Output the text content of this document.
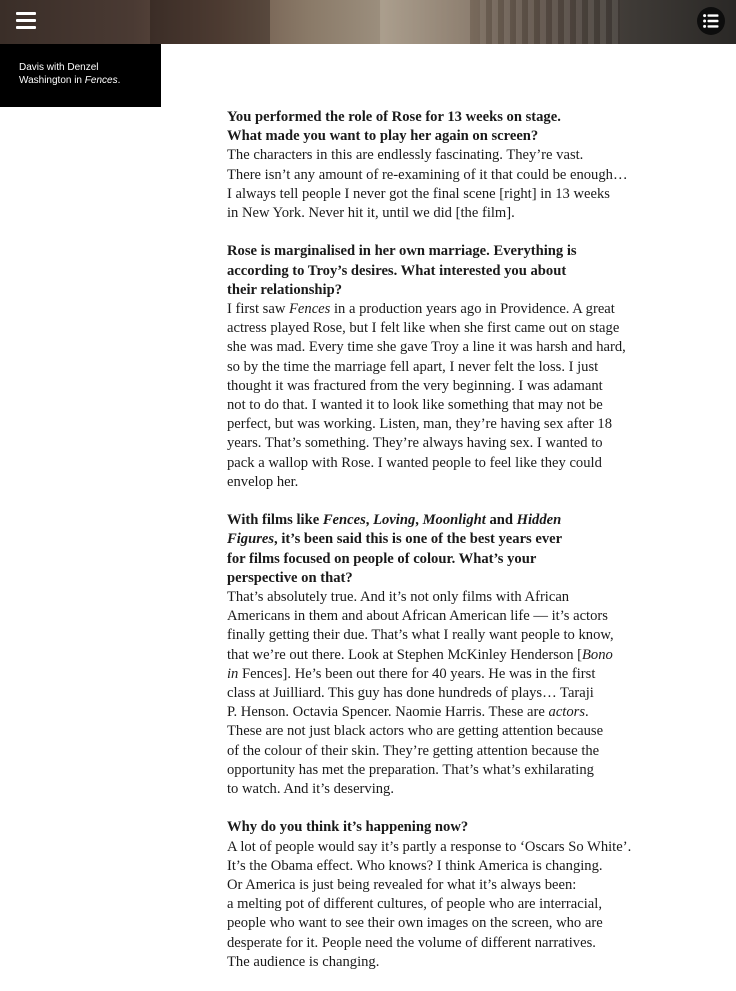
Davis with Denzel
Washington in Fences.

You performed the role of Rose for 13 weeks on stage.
What made you want to play her again on screen?

The characters in this are endlessly fascinating. They’re vast.
There isn’t any amount of re-examining of it that could be enough…
I always tell people I never got the final scene [right] in 13 weeks
in New York. Never hit it, until we did [the film].

Rose is marginalised in her own marriage. Everything is
according to Troy’s desires. What interested you about
their relationship?

I first saw Fences in a production years ago in Providence. A great
actress played Rose, but I felt like when she first came out on stage
she was mad. Every time she gave Troy a line it was harsh and hard,
so by the time the marriage fell apart, I never felt the loss. I just
thought it was fractured from the very beginning. I was adamant
not to do that. I wanted it to look like something that may not be
perfect, but was working. Listen, man, they’re having sex after 18
years. That’s something. They’re always having sex. I wanted to
pack a wallop with Rose. I wanted people to feel like they could
envelop her.

With films like Fences, Loving, Moonlight and Hidden
Figures, it’s been said this is one of the best years ever
for films focused on people of colour. What’s your
perspective on that?

That’s absolutely true. And it’s not only films with African
Americans in them and about African American life — it’s actors
finally getting their due. That’s what I really want people to know,
that we’re out there. Look at Stephen McKinley Henderson [Bono
in Fences]. He’s been out there for 40 years. He was in the first
class at Juilliard. This guy has done hundreds of plays… Taraji
P. Henson. Octavia Spencer. Naomie Harris. These are actors.
These are not just black actors who are getting attention because
of the colour of their skin. They’re getting attention because the
opportunity has met the preparation. That’s what’s exhilarating
to watch. And it’s deserving.

Why do you think it’s happening now?

A lot of people would say it’s partly a response to ‘Oscars So White’.
It’s the Obama effect. Who knows? I think America is changing.
Or America is just being revealed for what it’s always been:
a melting pot of different cultures, of people who are interracial,
people who want to see their own images on the screen, who are
desperate for it. People need the volume of different narratives.
The audience is changing.
